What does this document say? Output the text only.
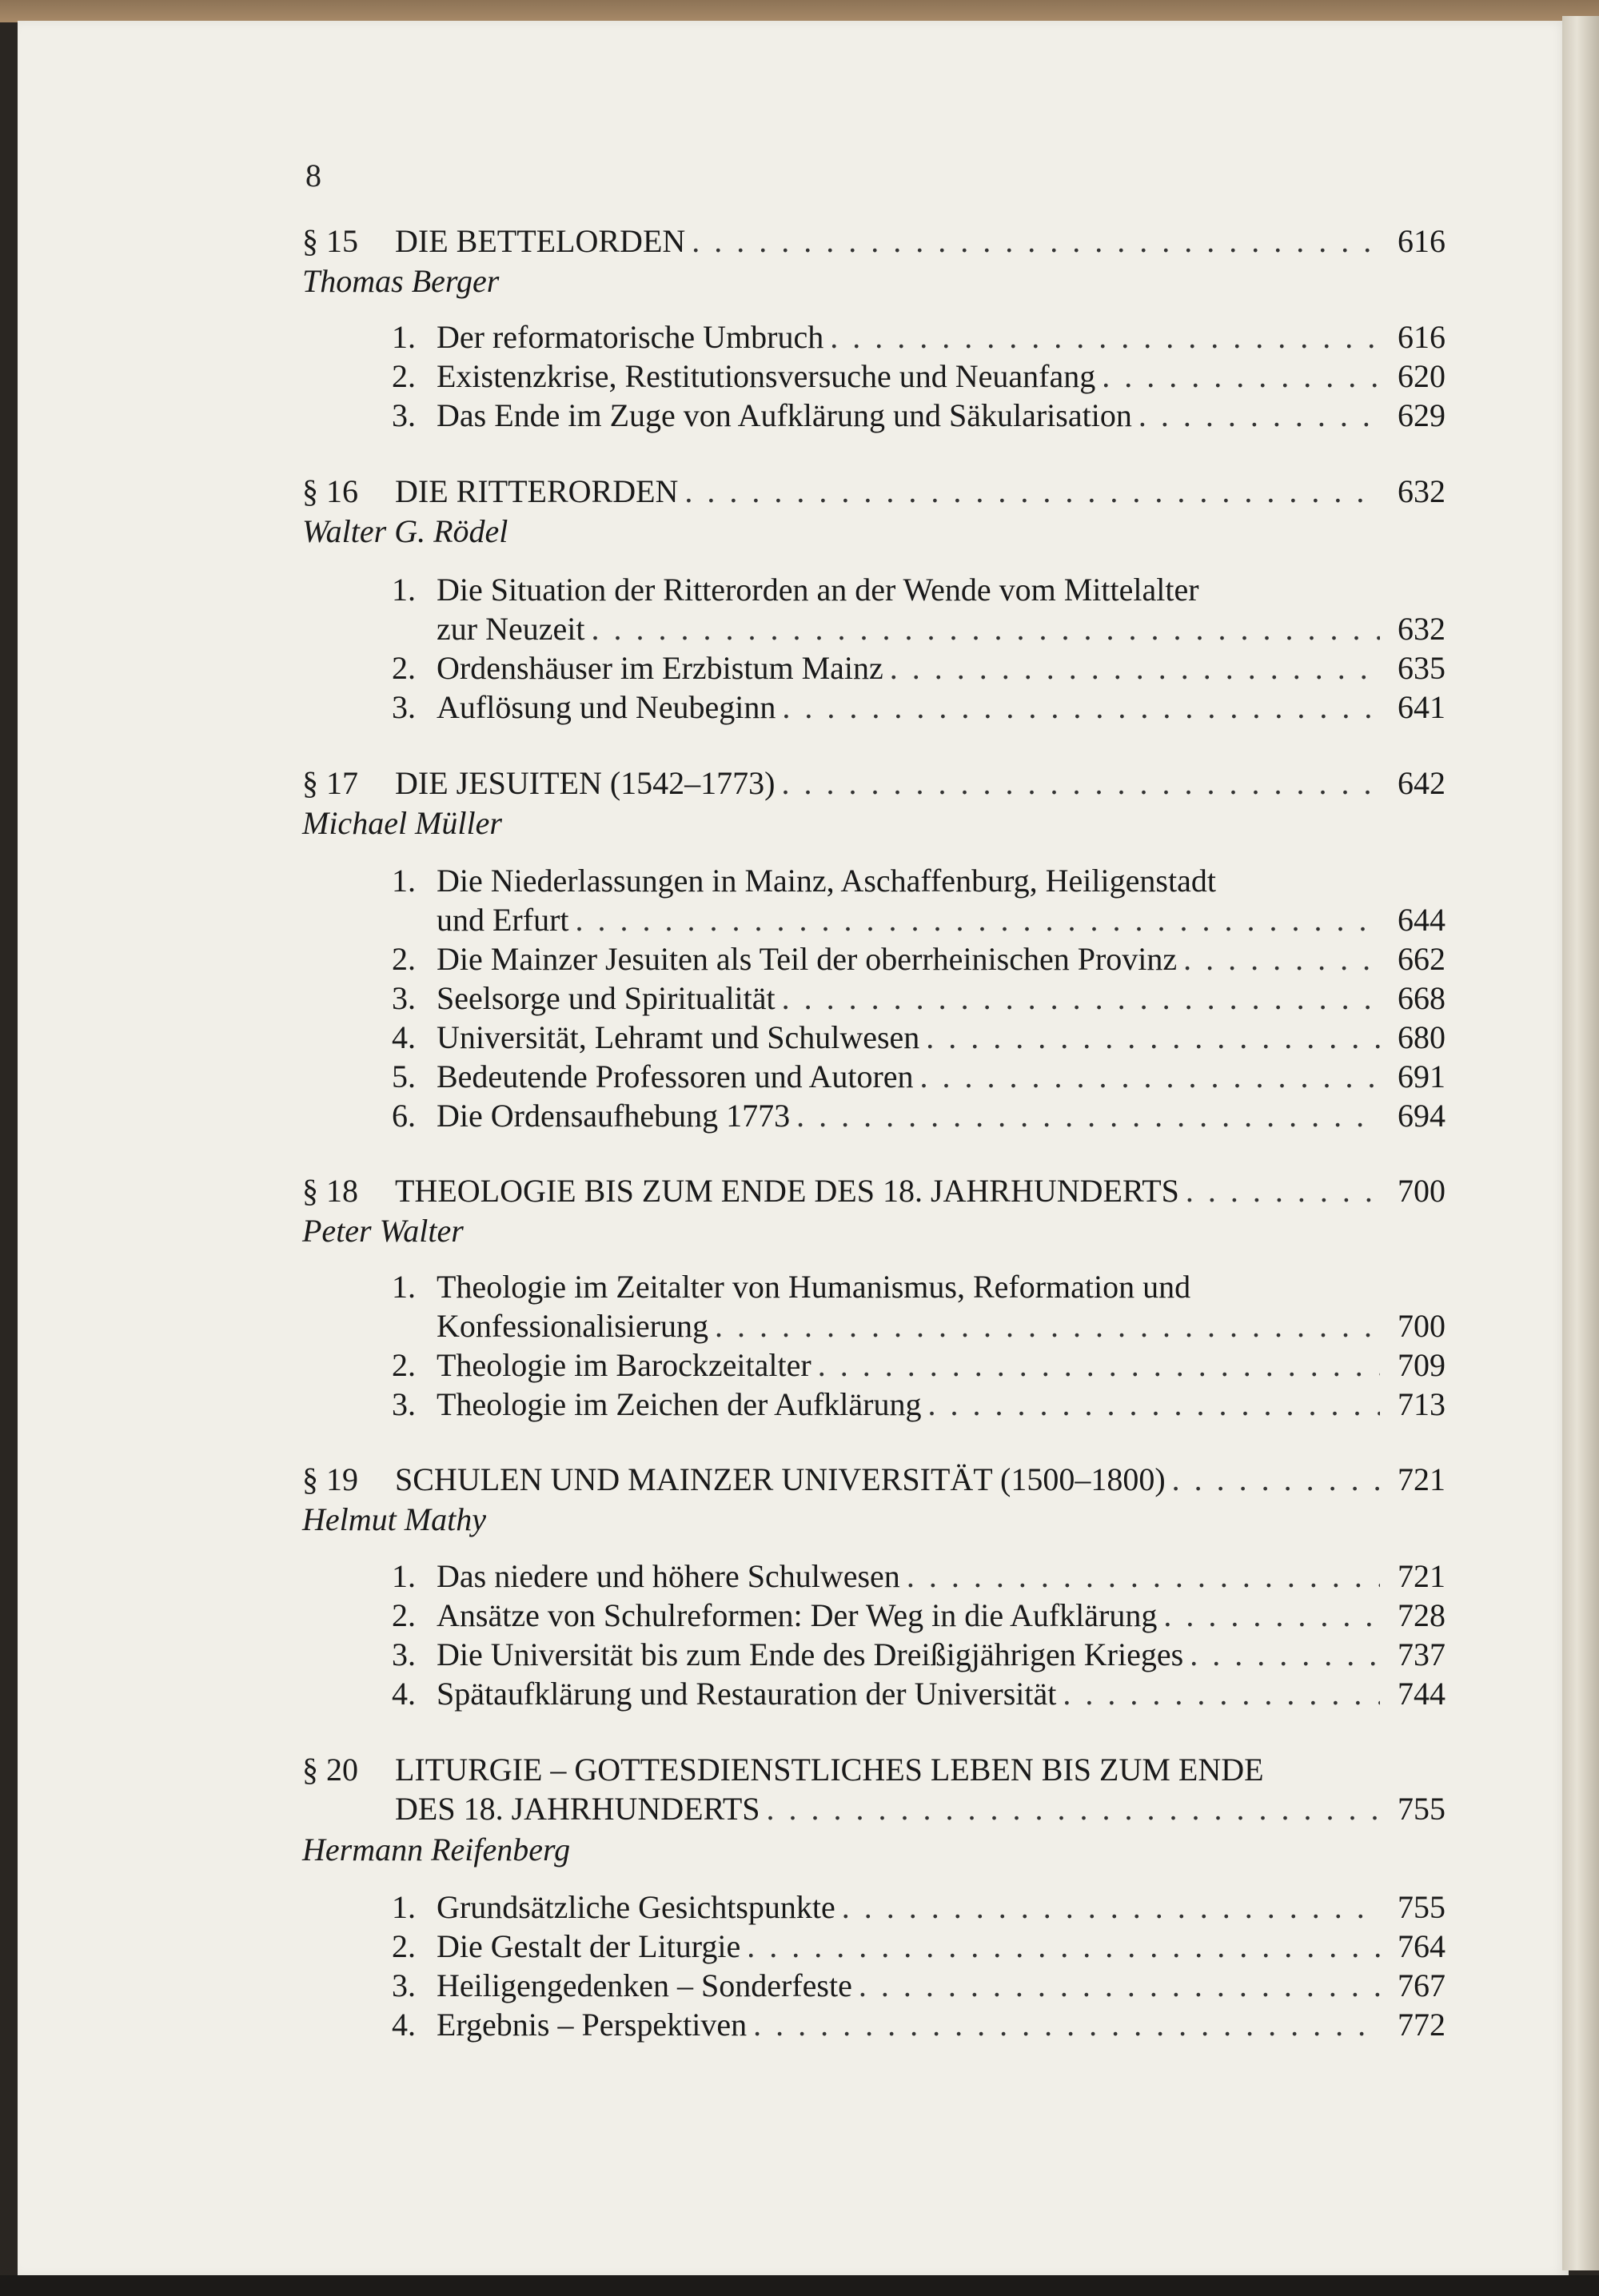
8
§ 15	DIE BETTELORDEN . . .	616
Thomas Berger
1. Der reformatorische Umbruch . . .	616
2. Existenzkrise, Restitutionsversuche und Neuanfang . . .	620
3. Das Ende im Zuge von Aufklärung und Säkularisation . . .	629
§ 16	DIE RITTERORDEN . . .	632
Walter G. Rödel
1. Die Situation der Ritterorden an der Wende vom Mittelalter
zur Neuzeit . . .	632
2. Ordenshäuser im Erzbistum Mainz . . .	635
3. Auflösung und Neubeginn . . .	641
§ 17	DIE JESUITEN (1542–1773) . . .	642
Michael Müller
1. Die Niederlassungen in Mainz, Aschaffenburg, Heiligenstadt
und Erfurt . . .	644
2. Die Mainzer Jesuiten als Teil der oberrheinischen Provinz . . .	662
3. Seelsorge und Spiritualität . . .	668
4. Universität, Lehramt und Schulwesen . . .	680
5. Bedeutende Professoren und Autoren . . .	691
6. Die Ordensaufhebung 1773 . . .	694
§ 18	THEOLOGIE BIS ZUM ENDE DES 18. JAHRHUNDERTS . . .	700
Peter Walter
1. Theologie im Zeitalter von Humanismus, Reformation und
Konfessionalisierung . . .	700
2. Theologie im Barockzeitalter . . .	709
3. Theologie im Zeichen der Aufklärung . . .	713
§ 19	SCHULEN UND MAINZER UNIVERSITÄT (1500–1800) . . .	721
Helmut Mathy
1. Das niedere und höhere Schulwesen . . .	721
2. Ansätze von Schulreformen: Der Weg in die Aufklärung . . .	728
3. Die Universität bis zum Ende des Dreißigjährigen Krieges . . .	737
4. Spätaufklärung und Restauration der Universität . . .	744
§ 20 LITURGIE – GOTTESDIENSTLICHES LEBEN BIS ZUM ENDE
DES 18. JAHRHUNDERTS . . .	755
Hermann Reifenberg
1. Grundsätzliche Gesichtspunkte . . .	755
2. Die Gestalt der Liturgie . . .	764
3. Heiligengedenken – Sonderfeste . . .	767
4. Ergebnis – Perspektiven . . .	772
